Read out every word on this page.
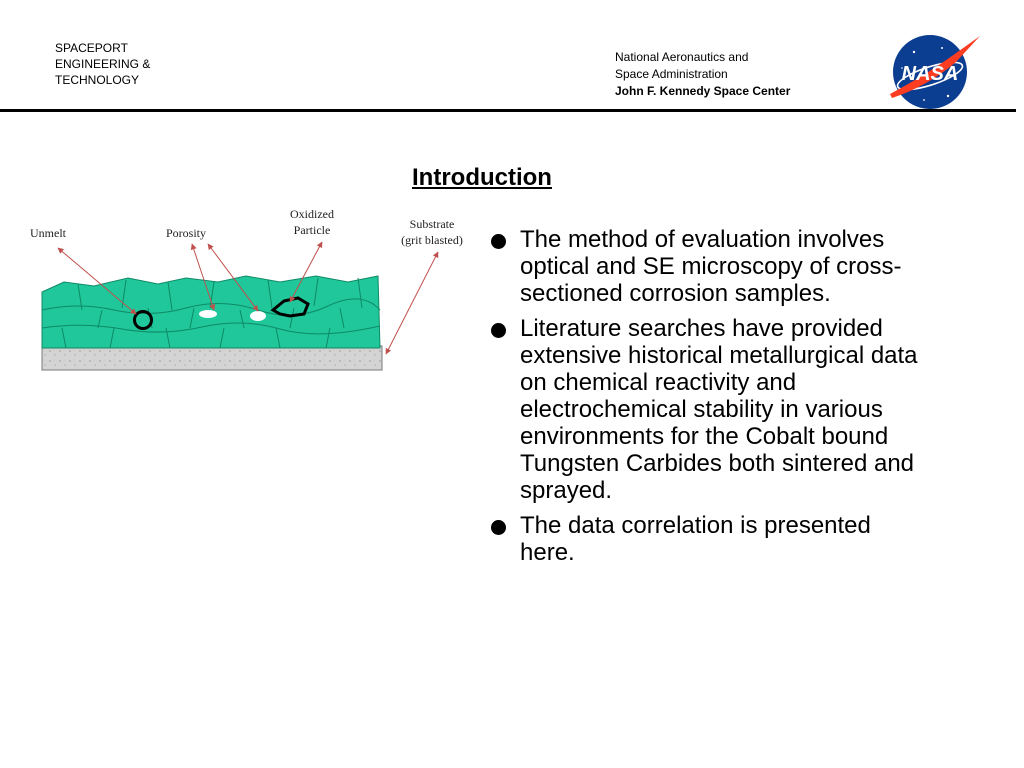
SPACEPORT
ENGINEERING &
TECHNOLOGY
National Aeronautics and
Space Administration
John F. Kennedy Space Center
NASA
Introduction
Unmelt	Porosity
Oxidized
Particle	Substrate
(grit blasted)	The method of evaluation involves optical and SE microscopy of cross-sectioned corrosion samples.
Literature searches have provided extensive historical metallurgical data on chemical reactivity and electrochemical stability in various environments for the Cobalt bound Tungsten Carbides both sintered and sprayed.
The data correlation is presented here.
